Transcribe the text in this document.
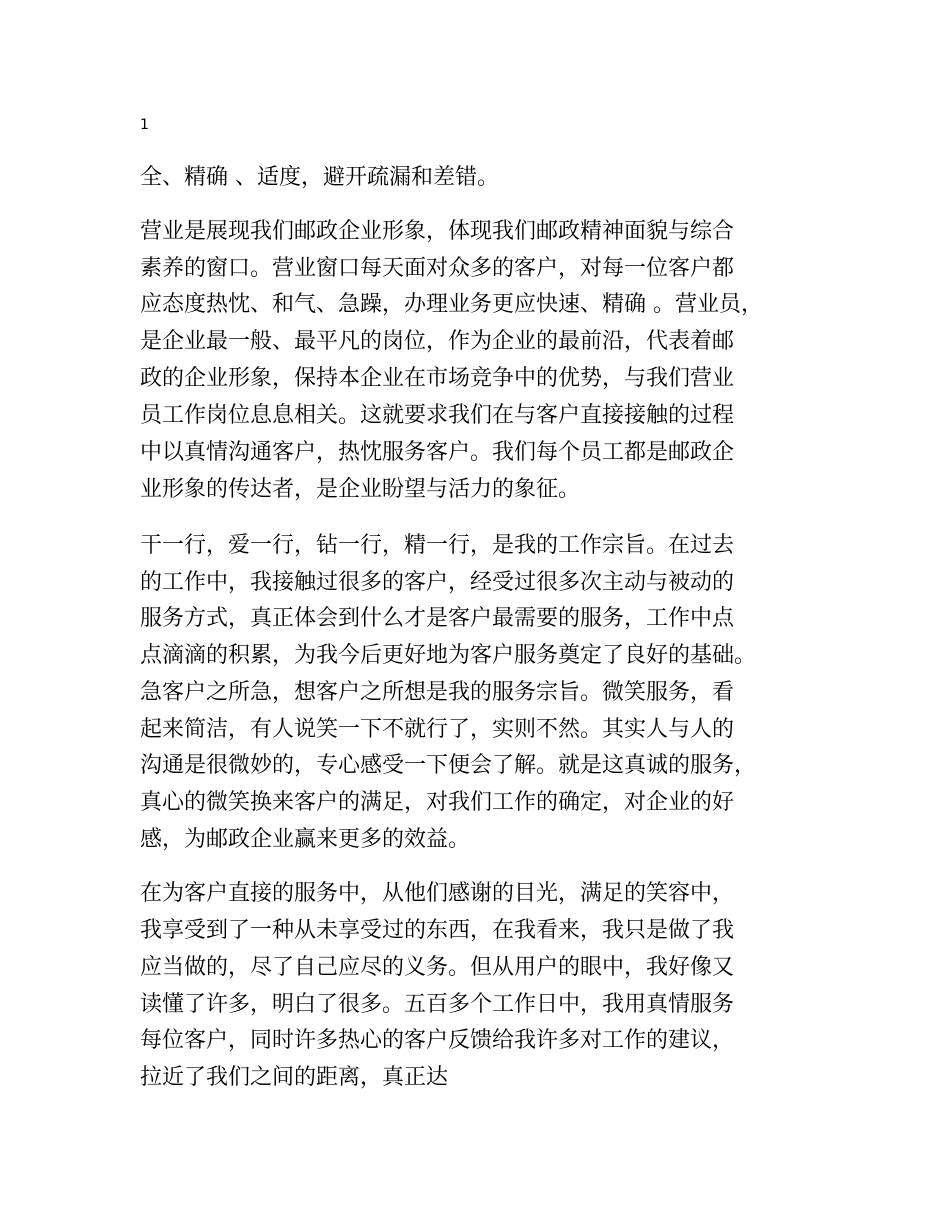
1
全、精确 、适度，避开疏漏和差错。
营业是展现我们邮政企业形象，体现我们邮政精神面貌与综合
素养的窗口。营业窗口每天面对众多的客户，对每一位客户都
应态度热忱、和气、急躁，办理业务更应快速、精确 。营业员，
是企业最一般、最平凡的岗位，作为企业的最前沿，代表着邮
政的企业形象，保持本企业在市场竞争中的优势，与我们营业
员工作岗位息息相关。这就要求我们在与客户直接接触的过程
中以真情沟通客户，热忱服务客户。我们每个员工都是邮政企
业形象的传达者，是企业盼望与活力的象征。
干一行，爱一行，钻一行，精一行，是我的工作宗旨。在过去
的工作中，我接触过很多的客户，经受过很多次主动与被动的
服务方式，真正体会到什么才是客户最需要的服务，工作中点
点滴滴的积累，为我今后更好地为客户服务奠定了良好的基础。
急客户之所急，想客户之所想是我的服务宗旨。微笑服务，看
起来简洁，有人说笑一下不就行了，实则不然。其实人与人的
沟通是很微妙的，专心感受一下便会了解。就是这真诚的服务，
真心的微笑换来客户的满足，对我们工作的确定，对企业的好
感，为邮政企业赢来更多的效益。
在为客户直接的服务中，从他们感谢的目光，满足的笑容中，
我享受到了一种从未享受过的东西，在我看来，我只是做了我
应当做的，尽了自己应尽的义务。但从用户的眼中，我好像又
读懂了许多，明白了很多。五百多个工作日中，我用真情服务
每位客户，同时许多热心的客户反馈给我许多对工作的建议，
拉近了我们之间的距离，真正达
